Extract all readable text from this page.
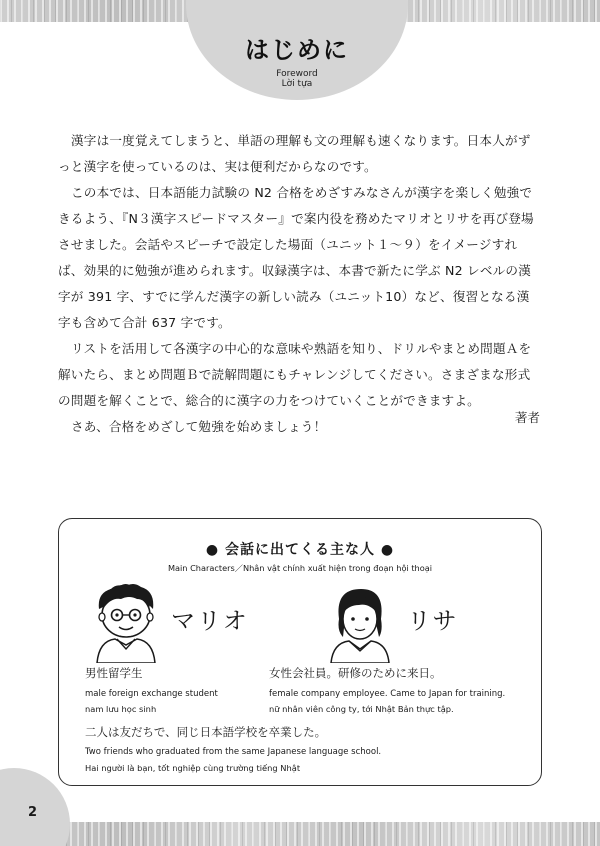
はじめに
Foreword
Lời tựa

漢字は一度覚えてしまうと、単語の理解も文の理解も速くなります。日本人がずっと漢字を使っているのは、実は便利だからなのです。

この本では、日本語能力試験の N2 合格をめざすみなさんが漢字を楽しく勉強できるよう、『N３漢字スピードマスター』で案内役を務めたマリオとリサを再び登場させました。会話やスピーチで設定した場面（ユニット１～９）をイメージすれば、効果的に勉強が進められます。収録漢字は、本書で新たに学ぶ N2 レベルの漢字が 391 字、すでに学んだ漢字の新しい読み（ユニット10）など、復習となる漢字も含めて合計 637 字です。

リストを活用して各漢字の中心的な意味や熟語を知り、ドリルやまとめ問題Ａを解いたら、まとめ問題Ｂで読解問題にもチャレンジしてください。さまざまな形式の問題を解くことで、総合的に漢字の力をつけていくことができますよ。

さあ、合格をめざして勉強を始めましょう！

著者
● 会話に出てくる主な人 ●
Main Characters／Nhân vật chính xuất hiện trong đoạn hội thoại
マリオ	リサ
男性留学生
male foreign exchange student
nam lưu học sinh
女性会社員。研修のために来日。
female company employee. Came to Japan for training.
nữ nhân viên công ty, tới Nhật Bản thực tập.
二人は友だちで、同じ日本語学校を卒業した。
Two friends who graduated from the same Japanese language school.
Hai người là bạn, tốt nghiệp cùng trường tiếng Nhật
2
